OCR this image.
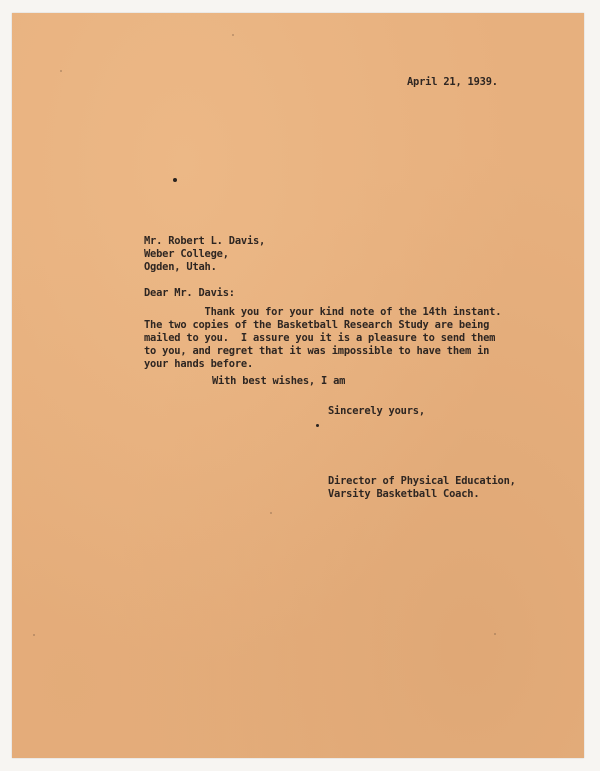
April 21, 1939.
Mr. Robert L. Davis,
Weber College,
Ogden, Utah.
Dear Mr. Davis:
Thank you for your kind note of the 14th instant.
The two copies of the Basketball Research Study are being
mailed to you.  I assure you it is a pleasure to send them
to you, and regret that it was impossible to have them in
your hands before.
With best wishes, I am
Sincerely yours,
Director of Physical Education,
Varsity Basketball Coach.
